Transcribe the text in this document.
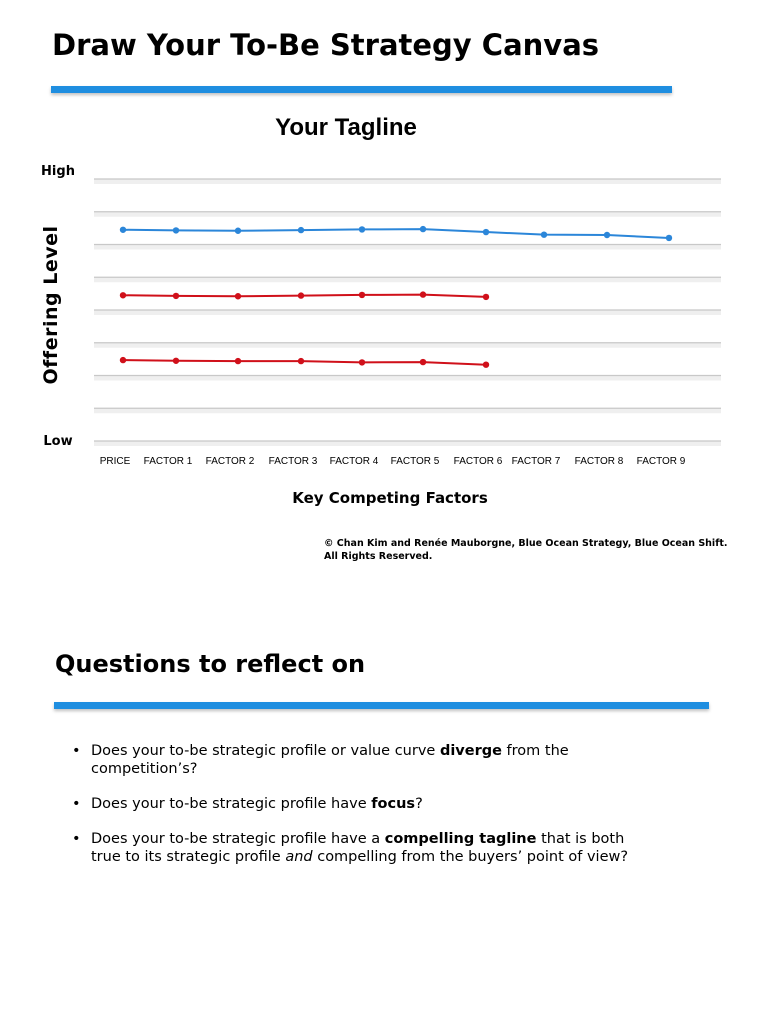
Draw Your To-Be Strategy Canvas
Your Tagline
High
Low
Offering Level
Key Competing Factors
PRICE FACTOR 1 FACTOR 2 FACTOR 3 FACTOR 4 FACTOR 5 FACTOR 6 FACTOR 7 FACTOR 8 FACTOR 9
© Chan Kim and Renée Mauborgne, Blue Ocean Strategy, Blue Ocean Shift. All Rights Reserved.
Questions to reflect on
• Does your to-be strategic profile or value curve diverge from the competition’s?
• Does your to-be strategic profile have focus?
• Does your to-be strategic profile have a compelling tagline that is both true to its strategic profile and compelling from the buyers’ point of view?
